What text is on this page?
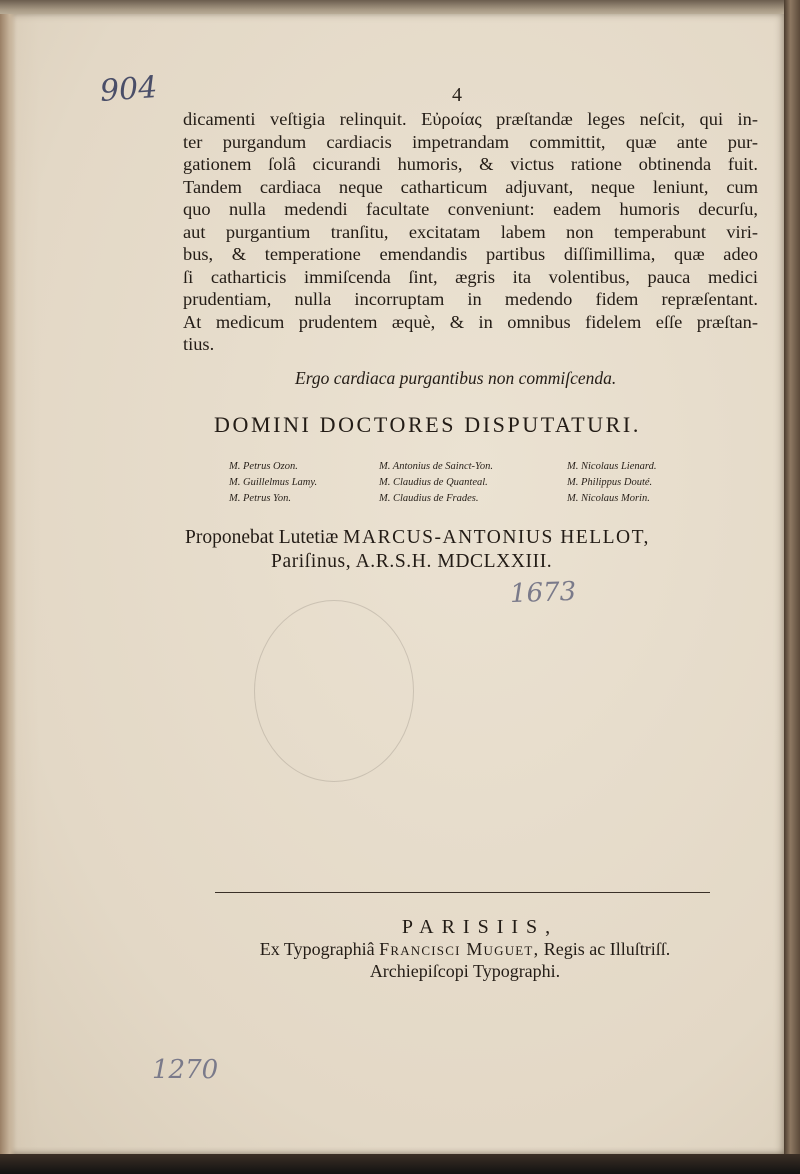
904	4
dicamenti veſtigia relinquit. Εὐροίας præſtandæ leges neſcit, qui in-
ter purgandum cardiacis impetrandam committit, quæ ante pur-
gationem ſolâ cicurandi humoris, & victus ratione obtinenda fuit.
Tandem cardiaca neque catharticum adjuvant, neque leniunt, cum
quo nulla medendi facultate conveniunt: eadem humoris decurſu,
aut purgantium tranſitu, excitatam labem non temperabunt viri-
bus, & temperatione emendandis partibus diſſimillima, quæ adeo
ſi catharticis immiſcenda ſint, ægris ita volentibus, pauca medici
prudentiam, nulla incorruptam in medendo fidem repræſentant.
At medicum prudentem æquè, & in omnibus fidelem eſſe præſtan-
tius.
Ergo cardiaca purgantibus non commiſcenda.
DOMINI DOCTORES DISPUTATURI.
M. Petrus Ozon.	M. Antonius de Sainct-Yon.	M. Nicolaus Lienard.
M. Guillelmus Lamy.	M. Claudius de Quanteal.	M. Philippus Douté.
M. Petrus Yon.	M. Claudius de Frades.	M. Nicolaus Morin.
Proponebat Lutetiæ MARCUS-ANTONIUS HELLOT,
Pariſinus, A.R.S.H. MDCLXXIII.
1673
PARISIIS,
Ex Typographiâ Francisci Muguet, Regis ac Illuſtriſſ.
Archiepiſcopi Typographi.
1270
